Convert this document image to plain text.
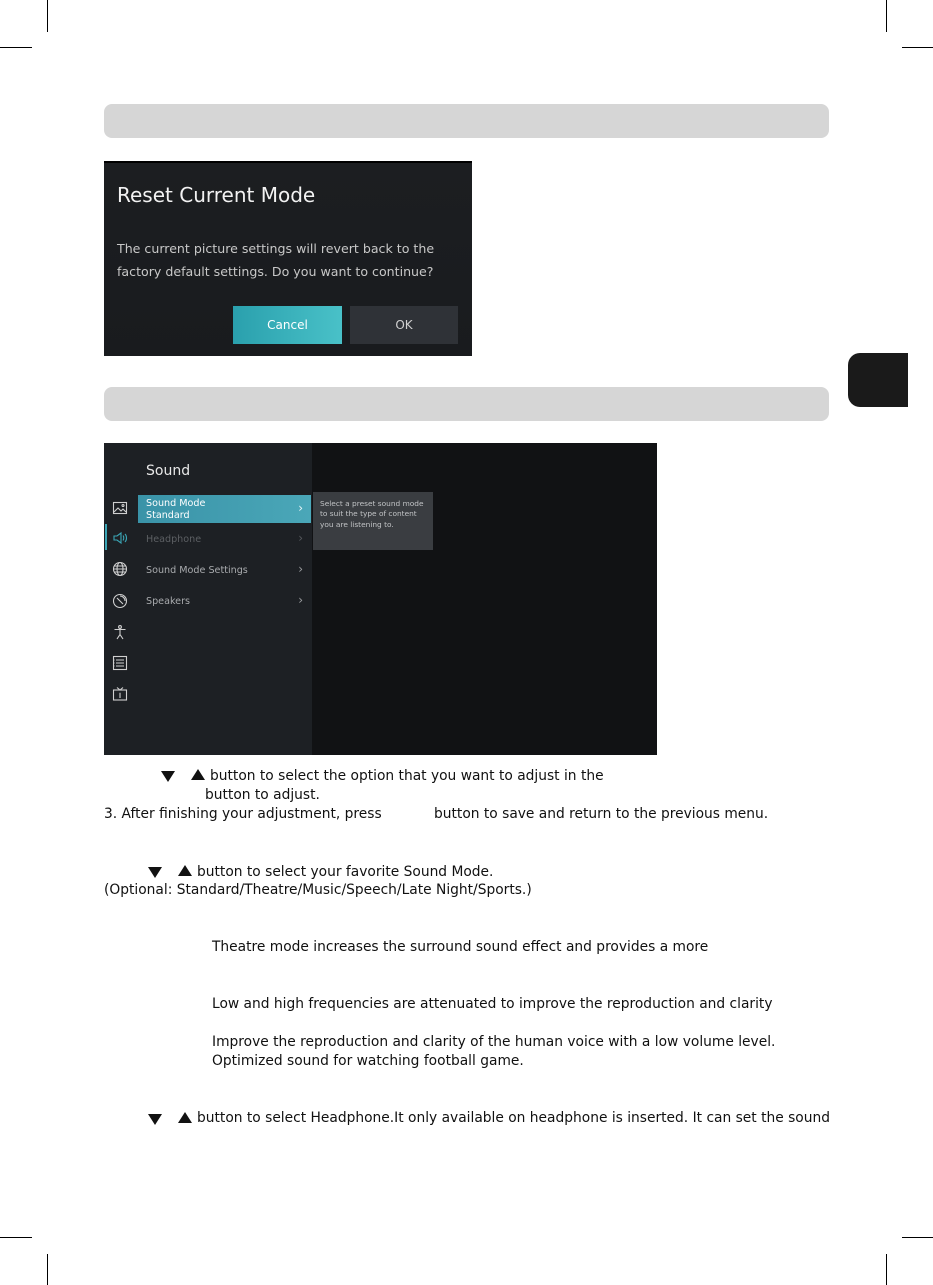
Reset Current Mode
The current picture settings will revert back to the
factory default settings. Do you want to continue?
Cancel	OK
Sound
Sound Mode
Standard
›
Headphone	›
Sound Mode Settings	›
Speakers	›
Select a preset sound mode to suit the type of content you are listening to.
button to select the option that you want to adjust in the
button to adjust.
3. After finishing your adjustment, press	button to save and return to the previous menu.
button to select your favorite Sound Mode.
(Optional: Standard/Theatre/Music/Speech/Late Night/Sports.)
Theatre mode increases the surround sound effect and provides a more
Low and high frequencies are attenuated to improve the reproduction and clarity
Improve the reproduction and clarity of the human voice with a low volume level.
Optimized sound for watching football game.
button to select Headphone.It only available on headphone is inserted. It can set the sound
